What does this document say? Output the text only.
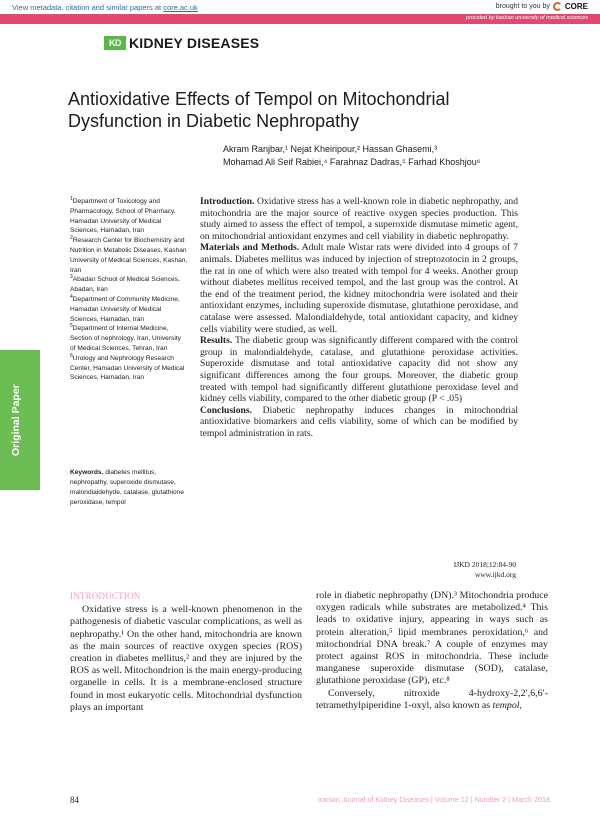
View metadata, citation and similar papers at core.ac.uk	brought to you by CORE
provided by kashan university of medical sciences
KD KIDNEY DISEASES
Antioxidative Effects of Tempol on Mitochondrial Dysfunction in Diabetic Nephropathy
Akram Ranjbar,¹ Nejat Kheiripour,² Hassan Ghasemi,³
Mohamad Ali Seif Rabiei,⁴ Farahnaz Dadras,⁵ Farhad Khoshjou⁶
Original Paper

$^1$Department of Toxicology and Pharmacology, School of Pharmacy, Hamadan University of Medical Sciences, Hamadan, Iran

$^2$Research Center for Biochemistry and Nutrition in Metabolic Diseases, Kashan University of Medical Sciences, Kashan, Iran

$^3$Abadan School of Medical Sciences, Abadan, Iran

$^4$Department of Community Medicine, Hamadan University of Medical Sciences, Hamadan, Iran

$^5$Department of Internal Medicine, Section of nephrology, Iran, University of Medical Sciences, Tehran, Iran

$^6$Urology and Nephrology Research Center, Hamadan University of Medical Sciences, Hamadan, Iran

Keywords. diabetes mellitus, nephropathy, superoxide dismutase, malondialdehyde, catalase, glutathione peroxidase, tempol

Introduction. Oxidative stress has a well-known role in diabetic nephropathy, and mitochondria are the major source of reactive oxygen species production. This study aimed to assess the effect of tempol, a superoxide dismutase mimetic agent, on mitochondrial antioxidant enzymes and cell viability in diabetic nephropathy.

Materials and Methods. Adult male Wistar rats were divided into 4 groups of 7 animals. Diabetes mellitus was induced by injection of streptozotocin in 2 groups, the rat in one of which were also treated with tempol for 4 weeks. Another group without diabetes mellitus received tempol, and the last group was the control. At the end of the treatment period, the kidney mitochondria were isolated and their antioxidant enzymes, including superoxide dismutase, glutathione peroxidase, and catalase were assessed. Malondialdehyde, total antioxidant capacity, and kidney cells viability were studied, as well.

Results. The diabetic group was significantly different compared with the control group in malondialdehyde, catalase, and glutathione peroxidase activities. Superoxide dismutase and total antioxidative capacity did not show any significant differences among the four groups. Moreover, the diabetic group treated with tempol had significantly different glutathione peroxidase level and kidney cells viability, compared to the other diabetic group (P < .05)

Conclusions. Diabetic nephropathy induces changes in mitochondrial antioxidative biomarkers and cells viability, some of which can be modified by tempol administration in rats.

IJKD 2018;12:84-90
www.ijkd.org
INTRODUCTION

Oxidative stress is a well-known phenomenon in the pathogenesis of diabetic vascular complications, as well as nephropathy.¹ On the other hand, mitochondria are known as the main sources of reactive oxygen species (ROS) creation in diabetes mellitus,² and they are injured by the ROS as well. Mitochondrion is the main energy-producing organelle in cells. It is a membrane-enclosed structure found in most eukaryotic cells. Mitochondrial dysfunction plays an important

role in diabetic nephropathy (DN).³ Mitochondria produce oxygen radicals while substrates are metabolized.⁴ This leads to oxidative injury, appearing in ways such as protein alteration,⁵ lipid membranes peroxidation,⁶ and mitochondrial DNA break.⁷ A couple of enzymes may protect against ROS in mitochondria. These include manganese superoxide dismutase (SOD), catalase, glutathione peroxidase (GP), etc.⁸

Conversely, nitroxide 4-hydroxy-2,2′,6,6′-tetramethylpiperidine 1-oxyl, also known as tempol,

84	Iranian Journal of Kidney Diseases | Volume 12 | Number 2 | March 2018
